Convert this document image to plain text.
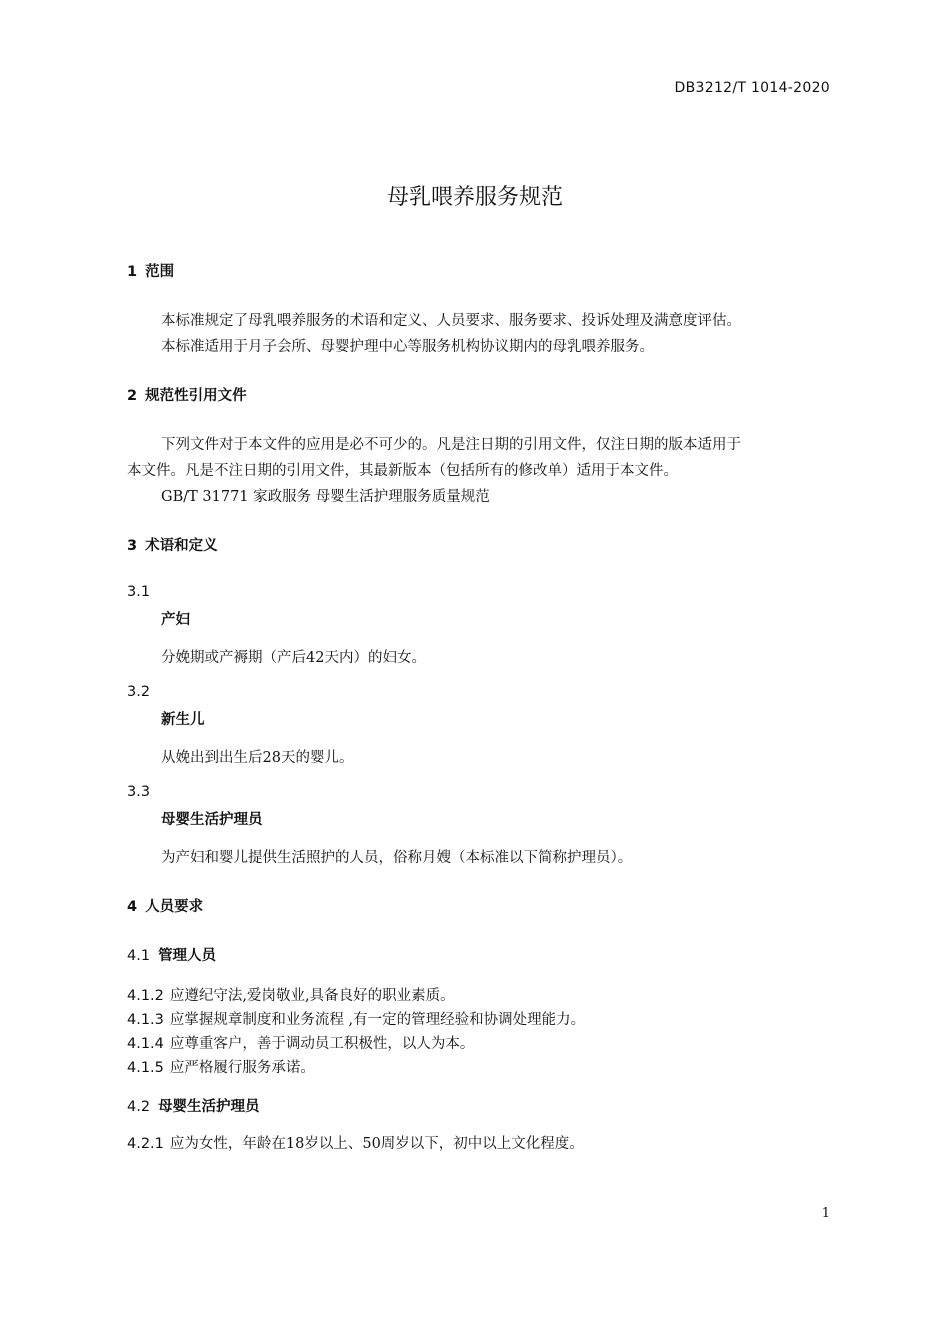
DB3212/T 1014-2020
母乳喂养服务规范
1 范围
本标准规定了母乳喂养服务的术语和定义、人员要求、服务要求、投诉处理及满意度评估。
本标准适用于月子会所、母婴护理中心等服务机构协议期内的母乳喂养服务。
2 规范性引用文件
下列文件对于本文件的应用是必不可少的。凡是注日期的引用文件，仅注日期的版本适用于
本文件。凡是不注日期的引用文件，其最新版本（包括所有的修改单）适用于本文件。
GB/T 31771 家政服务 母婴生活护理服务质量规范
3 术语和定义
3.1
产妇
分娩期或产褥期（产后42天内）的妇女。
3.2
新生儿
从娩出到出生后28天的婴儿。
3.3
母婴生活护理员
为产妇和婴儿提供生活照护的人员，俗称月嫂（本标准以下简称护理员）。
4 人员要求
4.1 管理人员
4.1.2 应遵纪守法,爱岗敬业,具备良好的职业素质。
4.1.3 应掌握规章制度和业务流程 ,有一定的管理经验和协调处理能力。
4.1.4 应尊重客户，善于调动员工积极性，以人为本。
4.1.5 应严格履行服务承诺。
4.2 母婴生活护理员
4.2.1 应为女性，年龄在18岁以上、50周岁以下，初中以上文化程度。
1
